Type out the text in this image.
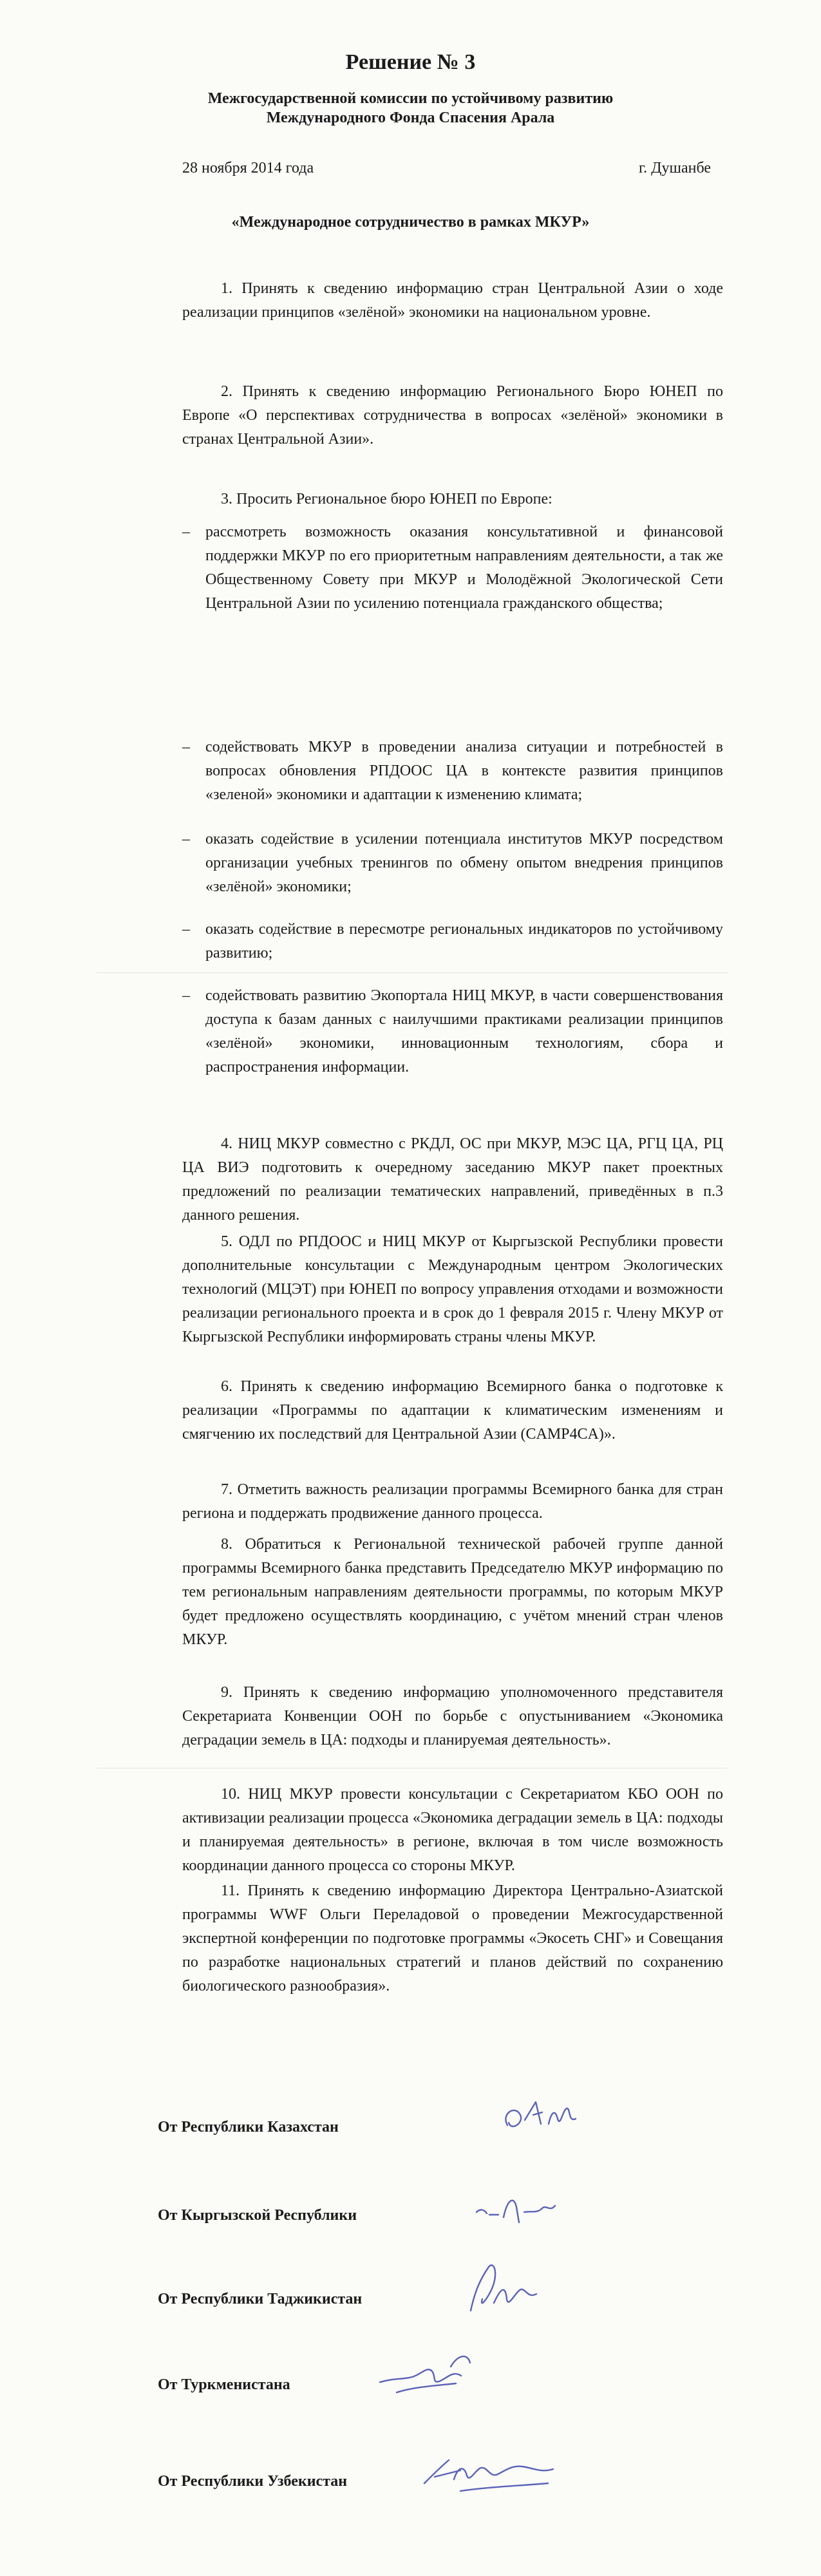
Решение № 3
Межгосударственной комиссии по устойчивому развитию
Международного Фонда Спасения Арала
28 ноября 2014 года	г. Душанбе
«Международное сотрудничество в рамках МКУР»

1. Принять к сведению информацию стран Центральной Азии о ходе реализации принципов «зелёной» экономики на национальном уровне.

2. Принять к сведению информацию Регионального Бюро ЮНЕП по Европе «О перспективах сотрудничества в вопросах «зелёной» экономики в странах Центральной Азии».

3. Просить Региональное бюро ЮНЕП по Европе:

–	рассмотреть возможность оказания консультативной и финансовой поддержки МКУР по его приоритетным направлениям деятельности, а так же Общественному Совету при МКУР и Молодёжной Экологической Сети Центральной Азии по усилению потенциала гражданского общества;
–	содействовать МКУР в проведении анализа ситуации и потребностей в вопросах обновления РПДООС ЦА в контексте развития принципов «зеленой» экономики и адаптации к изменению климата;
–	оказать содействие в усилении потенциала институтов МКУР посредством организации учебных тренингов по обмену опытом внедрения принципов «зелёной» экономики;
–	оказать содействие в пересмотре региональных индикаторов по устойчивому развитию;
–	содействовать развитию Экопортала НИЦ МКУР, в части совершенствования доступа к базам данных с наилучшими практиками реализации принципов «зелёной» экономики, инновационным технологиям, сбора и распространения информации.

4. НИЦ МКУР совместно с РКДЛ, ОС при МКУР, МЭС ЦА, РГЦ ЦА, РЦ ЦА ВИЭ подготовить к очередному заседанию МКУР пакет проектных предложений по реализации тематических направлений, приведённых в п.3 данного решения.

5. ОДЛ по РПДООС и НИЦ МКУР от Кыргызской Республики провести дополнительные консультации с Международным центром Экологических технологий (МЦЭТ) при ЮНЕП по вопросу управления отходами и возможности реализации регионального проекта и в срок до 1 февраля 2015 г. Члену МКУР от Кыргызской Республики информировать страны члены МКУР.

6. Принять к сведению информацию Всемирного банка о подготовке к реализации «Программы по адаптации к климатическим изменениям и смягчению их последствий для Центральной Азии (CAMP4CA)».

7. Отметить важность реализации программы Всемирного банка для стран региона и поддержать продвижение данного процесса.

8. Обратиться к Региональной технической рабочей группе данной программы Всемирного банка представить Председателю МКУР информацию по тем региональным направлениям деятельности программы, по которым МКУР будет предложено осуществлять координацию, с учётом мнений стран членов МКУР.

9. Принять к сведению информацию уполномоченного представителя Секретариата Конвенции ООН по борьбе с опустыниванием «Экономика деградации земель в ЦА: подходы и планируемая деятельность».

10. НИЦ МКУР провести консультации с Секретариатом КБО ООН по активизации реализации процесса «Экономика деградации земель в ЦА: подходы и планируемая деятельность» в регионе, включая в том числе возможность координации данного процесса со стороны МКУР.

11. Принять к сведению информацию Директора Центрально-Азиатской программы WWF Ольги Переладовой о проведении Межгосударственной экспертной конференции по подготовке программы «Экосеть СНГ» и Совещания по разработке национальных стратегий и планов действий по сохранению биологического разнообразия».

От Республики Казахстан
От Кыргызской Республики
От Республики Таджикистан
От Туркменистана
От Республики Узбекистан
